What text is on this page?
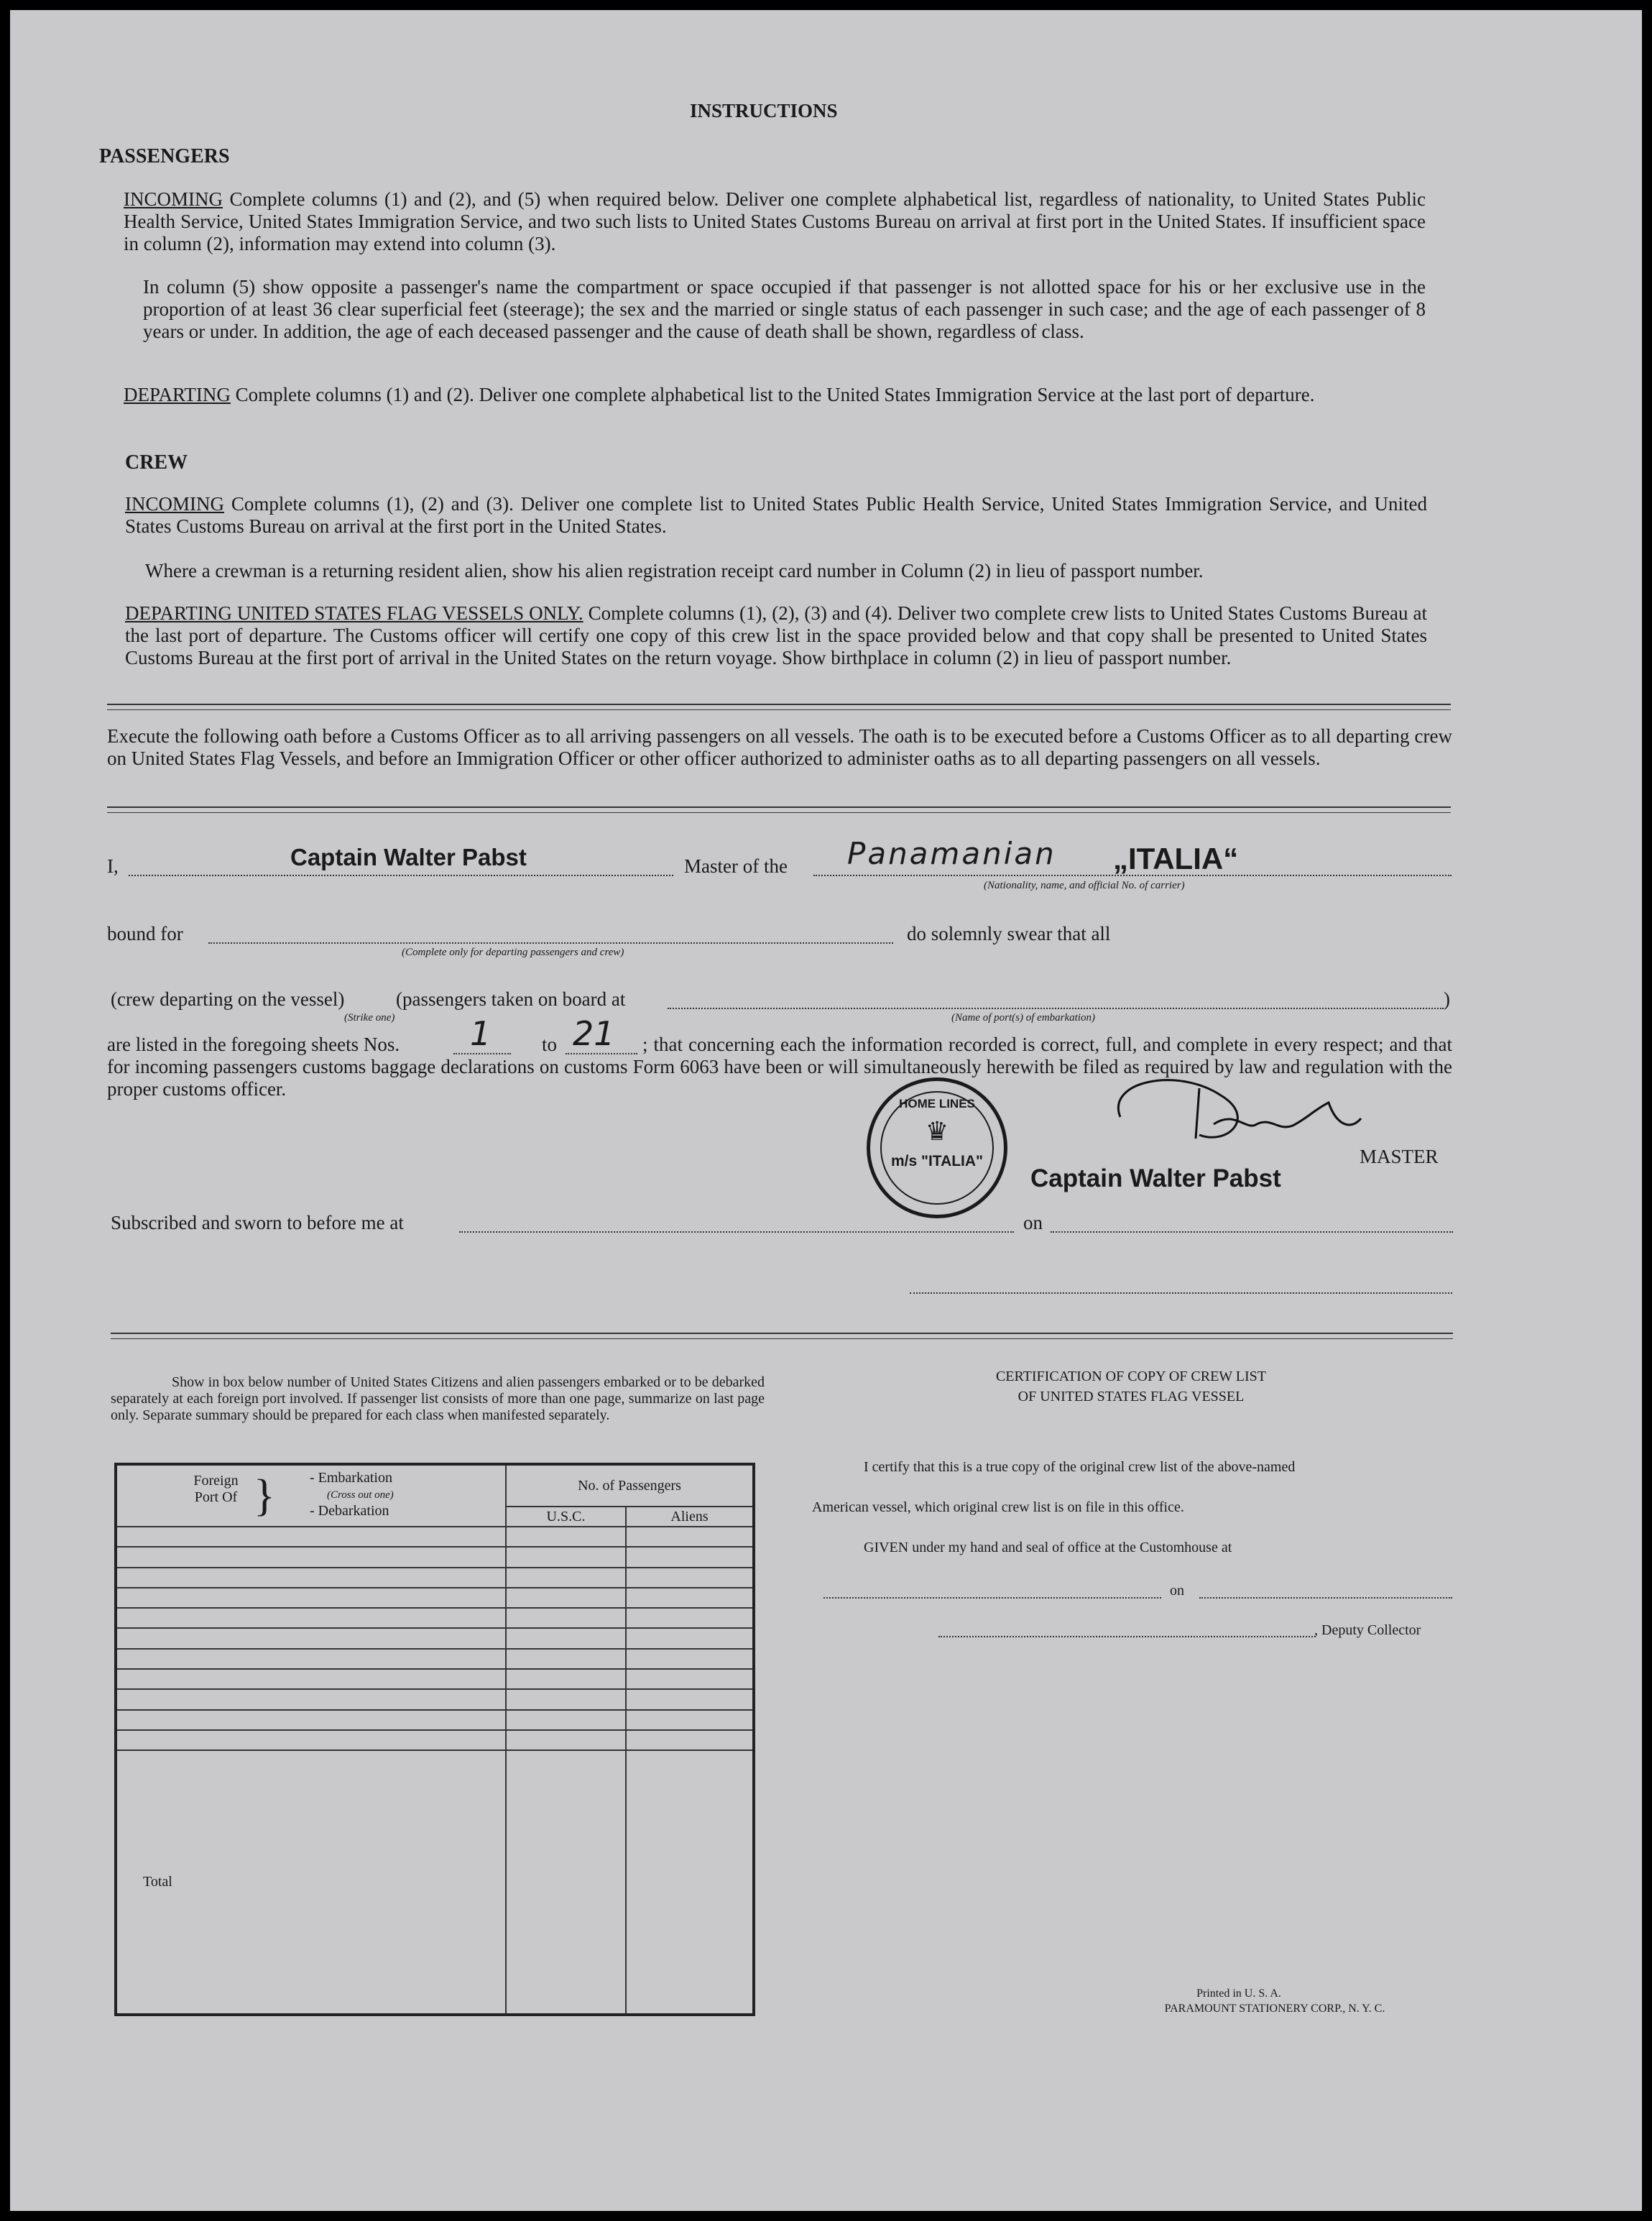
INSTRUCTIONS
PASSENGERS
INCOMING Complete columns (1) and (2), and (5) when required below. Deliver one complete alphabetical list, regardless of nationality, to United States Public Health Service, United States Immigration Service, and two such lists to United States Customs Bureau on arrival at first port in the United States. If insufficient space in column (2), information may extend into column (3).
In column (5) show opposite a passenger's name the compartment or space occupied if that passenger is not allotted space for his or her exclusive use in the proportion of at least 36 clear superficial feet (steerage); the sex and the married or single status of each passenger in such case; and the age of each passenger of 8 years or under. In addition, the age of each deceased passenger and the cause of death shall be shown, regardless of class.
DEPARTING Complete columns (1) and (2). Deliver one complete alphabetical list to the United States Immigration Service at the last port of departure.
CREW
INCOMING Complete columns (1), (2) and (3). Deliver one complete list to United States Public Health Service, United States Immigration Service, and United States Customs Bureau on arrival at the first port in the United States.
Where a crewman is a returning resident alien, show his alien registration receipt card number in Column (2) in lieu of passport number.
DEPARTING UNITED STATES FLAG VESSELS ONLY. Complete columns (1), (2), (3) and (4). Deliver two complete crew lists to United States Customs Bureau at the last port of departure. The Customs officer will certify one copy of this crew list in the space provided below and that copy shall be presented to United States Customs Bureau at the first port of arrival in the United States on the return voyage. Show birthplace in column (2) in lieu of passport number.
Execute the following oath before a Customs Officer as to all arriving passengers on all vessels. The oath is to be executed before a Customs Officer as to all departing crew on United States Flag Vessels, and before an Immigration Officer or other officer authorized to administer oaths as to all departing passengers on all vessels.
I,	Captain Walter Pabst	Master of the Panamanian „ITALIA“
(Nationality, name, and official No. of carrier)
bound for
(Complete only for departing passengers and crew)
do solemnly swear that all
(crew departing on the vessel)	(passengers taken on board at	)
(Strike one)	(Name of port(s) of embarkation)
are listed in the foregoing sheets Nos. 1	to 21	; that concerning each the information recorded is correct, full, and complete in every respect; and that for incoming passengers customs baggage declarations on customs Form 6063 have been or will simultaneously herewith be filed as required by law and regulation with the proper customs officer.
HOME LINES
♛
m/s "ITALIA"
Captain Walter Pabst
MASTER
Subscribed and sworn to before me at	on
Show in box below number of United States Citizens and alien passengers embarked or to be debarked separately at each foreign port involved. If passenger list consists of more than one page, summarize on last page only. Separate summary should be prepared for each class when manifested separately.
Foreign Port Of } - Embarkation
(Cross out one)
- Debarkation	No. of Passengers	
	U.S.C.	Aliens

Total		
CERTIFICATION OF COPY OF CREW LIST
OF UNITED STATES FLAG VESSEL
I certify that this is a true copy of the original crew list of the above-named
American vessel, which original crew list is on file in this office.
GIVEN under my hand and seal of office at the Customhouse at
on
, Deputy Collector
Printed in U. S. A.
PARAMOUNT STATIONERY CORP., N. Y. C.
